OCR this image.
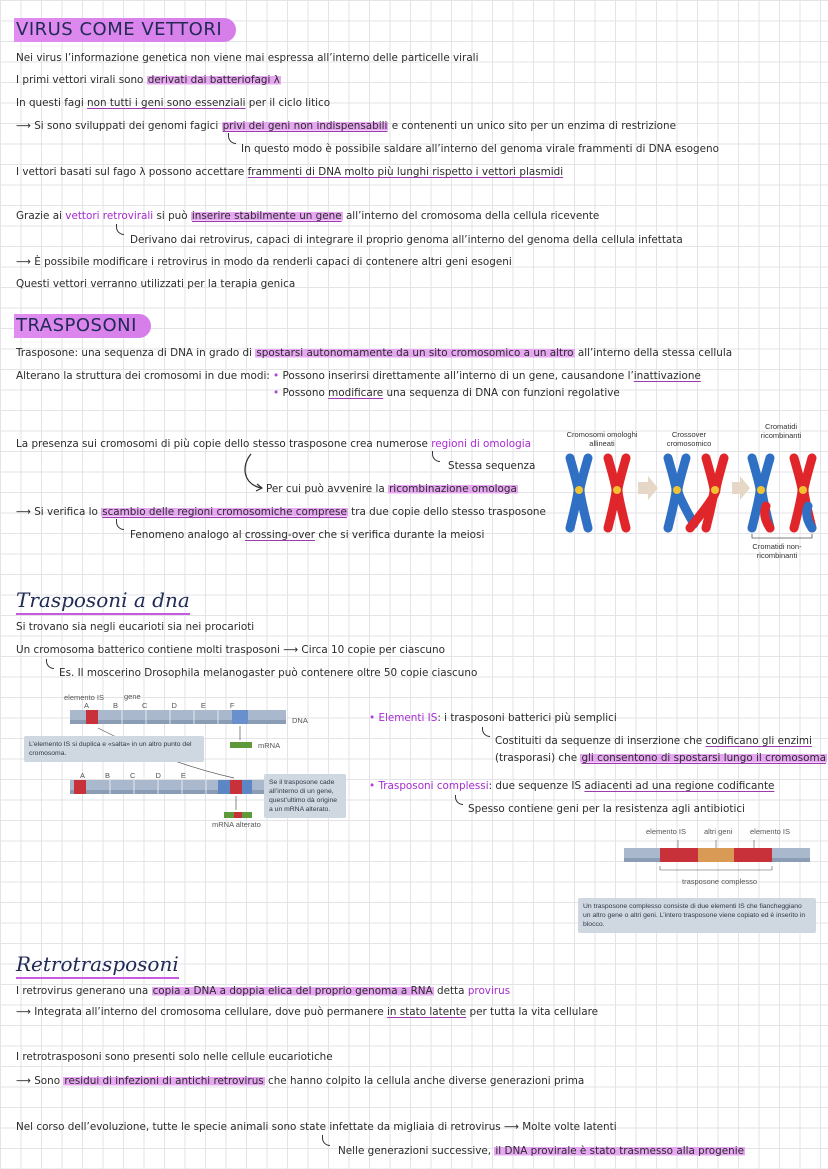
VIRUS COME VETTORI
Nei virus l’informazione genetica non viene mai espressa all’interno delle particelle virali
I primi vettori virali sono derivati dai batteriofagi λ
In questi fagi non tutti i geni sono essenziali per il ciclo litico
⟶ Si sono sviluppati dei genomi fagici privi dei geni non indispensabili e contenenti un unico sito per un enzima di restrizione
In questo modo è possibile saldare all’interno del genoma virale frammenti di DNA esogeno
I vettori basati sul fago λ possono accettare frammenti di DNA molto più lunghi rispetto i vettori plasmidi
Grazie ai vettori retrovirali si può inserire stabilmente un gene all’interno del cromosoma della cellula ricevente
Derivano dai retrovirus, capaci di integrare il proprio genoma all’interno del genoma della cellula infettata
⟶ È possibile modificare i retrovirus in modo da renderli capaci di contenere altri geni esogeni
Questi vettori verranno utilizzati per la terapia genica
TRASPOSONI
Trasposone: una sequenza di DNA in grado di spostarsi autonomamente da un sito cromosomico a un altro all’interno della stessa cellula
Alterano la struttura dei cromosomi in due modi: • Possono inserirsi direttamente all’interno di un gene, causandone l’inattivazione
• Possono modificare una sequenza di DNA con funzioni regolative
La presenza sui cromosomi di più copie dello stesso trasposone crea numerose regioni di omologia
Stessa sequenza
Per cui può avvenire la ricombinazione omologa
⟶ Si verifica lo scambio delle regioni cromosomiche comprese tra due copie dello stesso trasposone
Fenomeno analogo al crossing-over che si verifica durante la meiosi
Cromosomi omologhi allineati
Crossover cromosomico
Cromatidi ricombinanti
Cromatidi non-ricombinanti
Trasposoni a dna
Si trovano sia negli eucarioti sia nei procarioti
Un cromosoma batterico contiene molti trasposoni ⟶ Circa 10 copie per ciascuno
Es. Il moscerino Drosophila melanogaster può contenere oltre 50 copie ciascuno
elemento IS	gene
ABCDEF
DNA
mRNA
L’elemento IS si duplica e «salta» in un altro punto del cromosoma.
ABCDE
Se il trasposone cade all’interno di un gene, quest’ultimo dà origine a un mRNA alterato.
mRNA alterato
• Elementi IS: i trasposoni batterici più semplici
Costituiti da sequenze di inserzione che codificano gli enzimi
(trasporasi) che gli consentono di spostarsi lungo il cromosoma
• Trasposoni complessi: due sequenze IS adiacenti ad una regione codificante
Spesso contiene geni per la resistenza agli antibiotici
elemento IS altri geni elemento IS
trasposone complesso
Un trasposone complesso consiste di due elementi IS che fiancheggiano un altro gene o altri geni. L’intero trasposone viene copiato ed è inserito in blocco.
Retrotrasposoni
I retrovirus generano una copia a DNA a doppia elica del proprio genoma a RNA detta provirus
⟶ Integrata all’interno del cromosoma cellulare, dove può permanere in stato latente per tutta la vita cellulare
I retrotrasposoni sono presenti solo nelle cellule eucariotiche
⟶ Sono residui di infezioni di antichi retrovirus che hanno colpito la cellula anche diverse generazioni prima
Nel corso dell’evoluzione, tutte le specie animali sono state infettate da migliaia di retrovirus ⟶ Molte volte latenti
Nelle generazioni successive, il DNA provirale è stato trasmesso alla progenie
